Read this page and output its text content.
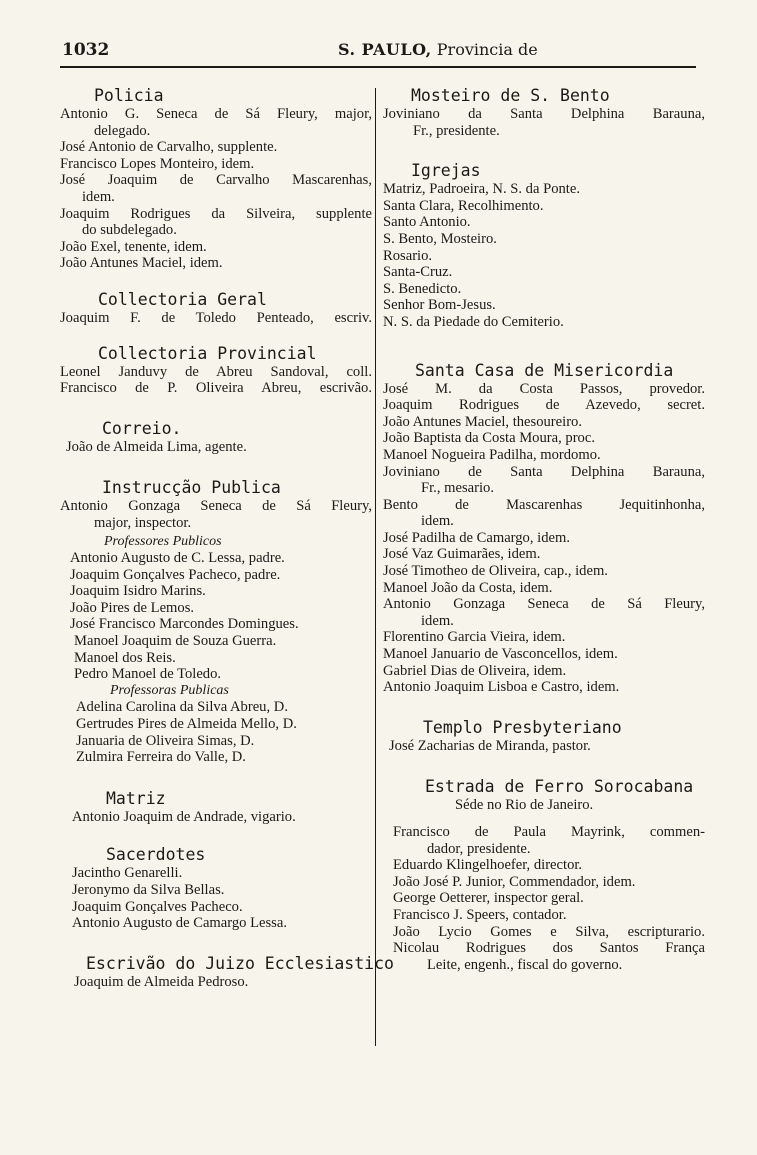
1032	S. PAULO, Provincia de
Policia
Antonio G. Seneca de Sá Fleury, major,
delegado.
José Antonio de Carvalho, supplente.
Francisco Lopes Monteiro, idem.
José Joaquim de Carvalho Mascarenhas,
idem.
Joaquim Rodrigues da Silveira, supplente
do subdelegado.
João Exel, tenente, idem.
João Antunes Maciel, idem.
Collectoria Geral
Joaquim F. de Toledo Penteado, escriv.
Collectoria Provincial
Leonel Janduvy de Abreu Sandoval, coll.
Francisco de P. Oliveira Abreu, escrivão.
Correio.
João de Almeida Lima, agente.
Instrucção Publica
Antonio Gonzaga Seneca de Sá Fleury,
major, inspector.
Professores Publicos
Antonio Augusto de C. Lessa, padre.
Joaquim Gonçalves Pacheco, padre.
Joaquim Isidro Marins.
João Pires de Lemos.
José Francisco Marcondes Domingues.
Manoel Joaquim de Souza Guerra.
Manoel dos Reis.
Pedro Manoel de Toledo.
Professoras Publicas
Adelina Carolina da Silva Abreu, D.
Gertrudes Pires de Almeida Mello, D.
Januaria de Oliveira Simas, D.
Zulmira Ferreira do Valle, D.
Matriz
Antonio Joaquim de Andrade, vigario.
Sacerdotes
Jacintho Genarelli.
Jeronymo da Silva Bellas.
Joaquim Gonçalves Pacheco.
Antonio Augusto de Camargo Lessa.
Escrivão do Juizo Ecclesiastico
Joaquim de Almeida Pedroso.
Mosteiro de S. Bento
Joviniano da Santa Delphina Barauna,
Fr., presidente.
Igrejas
Matriz, Padroeira, N. S. da Ponte.
Santa Clara, Recolhimento.
Santo Antonio.
S. Bento, Mosteiro.
Rosario.
Santa-Cruz.
S. Benedicto.
Senhor Bom-Jesus.
N. S. da Piedade do Cemiterio.
Santa Casa de Misericordia
José M. da Costa Passos, provedor.
Joaquim Rodrigues de Azevedo, secret.
João Antunes Maciel, thesoureiro.
João Baptista da Costa Moura, proc.
Manoel Nogueira Padilha, mordomo.
Joviniano de Santa Delphina Barauna,
Fr., mesario.
Bento de Mascarenhas Jequitinhonha,
idem.
José Padilha de Camargo, idem.
José Vaz Guimarães, idem.
José Timotheo de Oliveira, cap., idem.
Manoel João da Costa, idem.
Antonio Gonzaga Seneca de Sá Fleury,
idem.
Florentino Garcia Vieira, idem.
Manoel Januario de Vasconcellos, idem.
Gabriel Dias de Oliveira, idem.
Antonio Joaquim Lisboa e Castro, idem.
Templo Presbyteriano
José Zacharias de Miranda, pastor.
Estrada de Ferro Sorocabana
Séde no Rio de Janeiro.
Francisco de Paula Mayrink, commen-
dador, presidente.
Eduardo Klingelhoefer, director.
João José P. Junior, Commendador, idem.
George Oetterer, inspector geral.
Francisco J. Speers, contador.
João Lycio Gomes e Silva, escripturario.
Nicolau Rodrigues dos Santos França
Leite, engenh., fiscal do governo.
